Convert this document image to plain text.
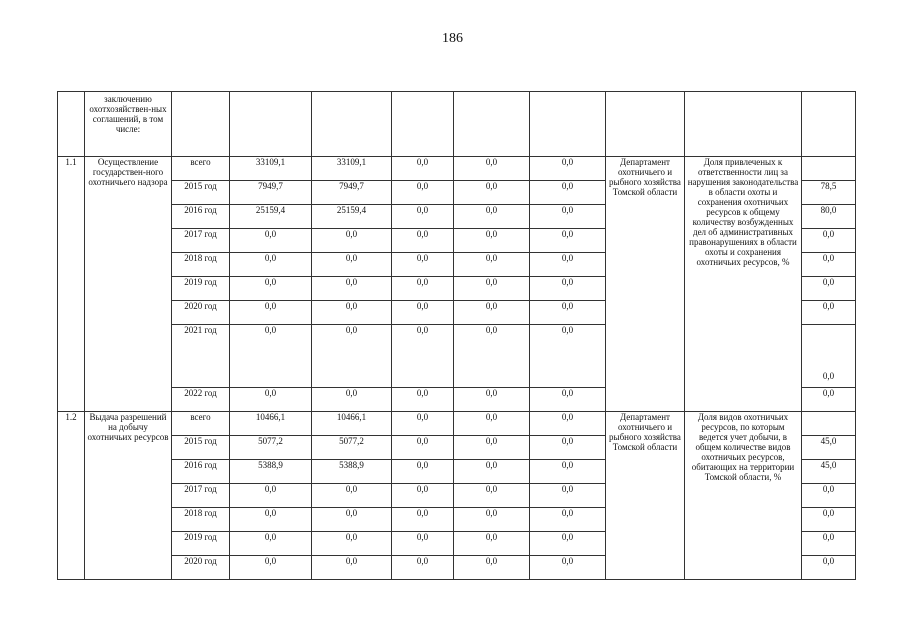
186
	заключению охотхозяйствен-ных соглашений, в том числе:									
1.1	Осуществление государствен-ного охотничьего надзора	всего	33109,1	33109,1	0,0	0,0	0,0	Департамент охотничьего и рыбного хозяйства Томской области	Доля привлеченых к ответственности лиц за нарушения законодательства в области охоты и сохранения охотничьих ресурсов к общему количеству возбужденных дел об административных правонарушениях в области охоты и сохранения охотничьих ресурсов, %	
		2015 год	7949,7	7949,7	0,0	0,0	0,0			78,5
		2016 год	25159,4	25159,4	0,0	0,0	0,0			80,0
		2017 год	0,0	0,0	0,0	0,0	0,0			0,0
		2018 год	0,0	0,0	0,0	0,0	0,0			0,0
		2019 год	0,0	0,0	0,0	0,0	0,0			0,0
		2020 год	0,0	0,0	0,0	0,0	0,0			0,0
		2021 год	0,0	0,0	0,0	0,0	0,0			0,0
		2022 год	0,0	0,0	0,0	0,0	0,0			0,0
1.2	Выдача разрешений на добычу охотничьих ресурсов	всего	10466,1	10466,1	0,0	0,0	0,0	Департамент охотничьего и рыбного хозяйства Томской области	Доля видов охотничьих ресурсов, по которым ведется учет добычи, в общем количестве видов охотничьих ресурсов, обитающих на территории Томской области, %	
		2015 год	5077,2	5077,2	0,0	0,0	0,0			45,0
		2016 год	5388,9	5388,9	0,0	0,0	0,0			45,0
		2017 год	0,0	0,0	0,0	0,0	0,0			0,0
		2018 год	0,0	0,0	0,0	0,0	0,0			0,0
		2019 год	0,0	0,0	0,0	0,0	0,0			0,0
		2020 год	0,0	0,0	0,0	0,0	0,0			0,0
